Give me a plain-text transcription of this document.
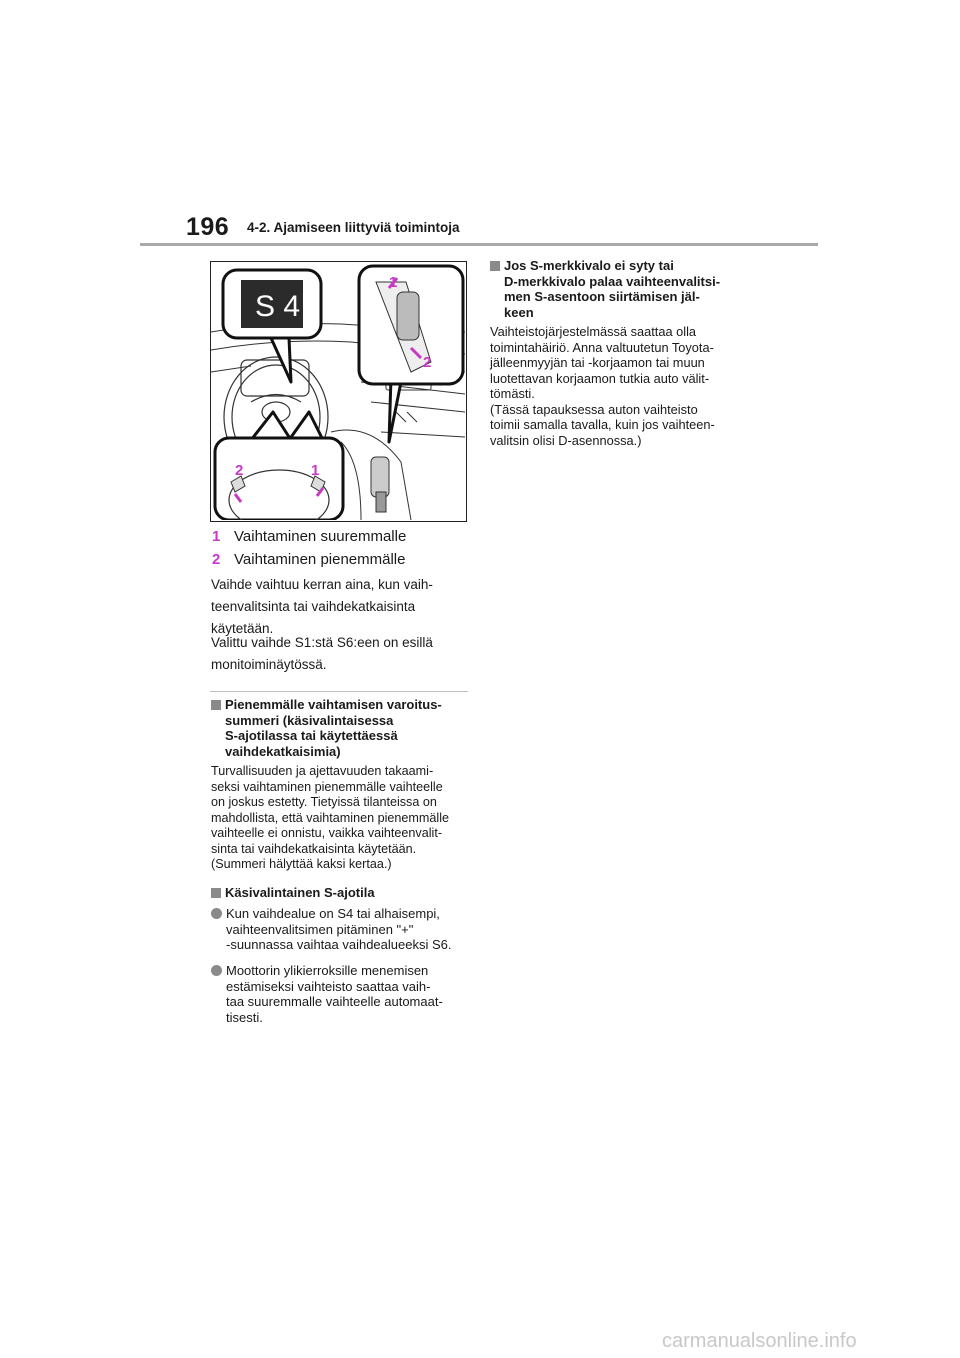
196 4-2. Ajamiseen liittyviä toimintoja
S 4
1
2
2	1
1 Vaihtaminen suuremmalle
2 Vaihtaminen pienemmälle
Vaihde vaihtuu kerran aina, kun vaih-
teenvalitsinta tai vaihdekatkaisinta
käytetään.
Valittu vaihde S1:stä S6:een on esillä
monitoiminäytössä.
Pienemmälle vaihtamisen varoitus-
summeri (käsivalintaisessa
S-ajotilassa tai käytettäessä
vaihdekatkaisimia)
Turvallisuuden ja ajettavuuden takaami-
seksi vaihtaminen pienemmälle vaihteelle
on joskus estetty. Tietyissä tilanteissa on
mahdollista, että vaihtaminen pienemmälle
vaihteelle ei onnistu, vaikka vaihteenvalit-
sinta tai vaihdekatkaisinta käytetään.
(Summeri hälyttää kaksi kertaa.)
Käsivalintainen S-ajotila
Kun vaihdealue on S4 tai alhaisempi,
vaihteenvalitsimen pitäminen "+"
-suunnassa vaihtaa vaihdealueeksi S6.
Moottorin ylikierroksille menemisen
estämiseksi vaihteisto saattaa vaih-
taa suuremmalle vaihteelle automaat-
tisesti.
Jos S-merkkivalo ei syty tai
D-merkkivalo palaa vaihteenvalitsi-
men S-asentoon siirtämisen jäl-
keen
Vaihteistojärjestelmässä saattaa olla
toimintahäiriö. Anna valtuutetun Toyota-
jälleenmyyjän tai -korjaamon tai muun
luotettavan korjaamon tutkia auto välit-
tömästi.
(Tässä tapauksessa auton vaihteisto
toimii samalla tavalla, kuin jos vaihteen-
valitsin olisi D-asennossa.)
carmanualsonline.info
